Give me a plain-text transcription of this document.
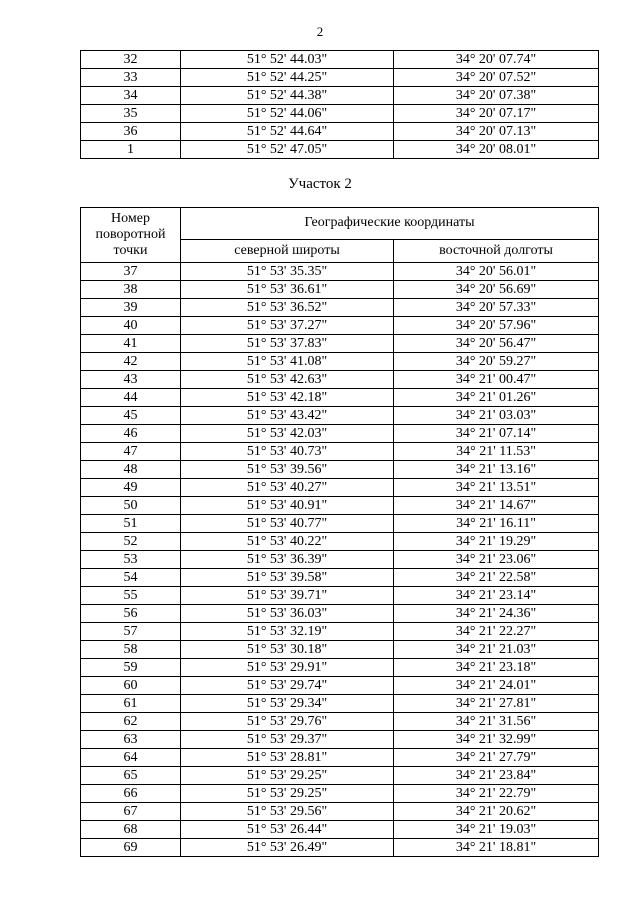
2
32	51° 52' 44.03"	34° 20' 07.74"
33	51° 52' 44.25"	34° 20' 07.52"
34	51° 52' 44.38"	34° 20' 07.38"
35	51° 52' 44.06"	34° 20' 07.17"
36	51° 52' 44.64"	34° 20' 07.13"
1	51° 52' 47.05"	34° 20' 08.01"
Участок 2
Номер поворотной точки	Географические координаты	
	северной широты	восточной долготы
37	51° 53' 35.35"	34° 20' 56.01"
38	51° 53' 36.61"	34° 20' 56.69"
39	51° 53' 36.52"	34° 20' 57.33"
40	51° 53' 37.27"	34° 20' 57.96"
41	51° 53' 37.83"	34° 20' 56.47"
42	51° 53' 41.08"	34° 20' 59.27"
43	51° 53' 42.63"	34° 21' 00.47"
44	51° 53' 42.18"	34° 21' 01.26"
45	51° 53' 43.42"	34° 21' 03.03"
46	51° 53' 42.03"	34° 21' 07.14"
47	51° 53' 40.73"	34° 21' 11.53"
48	51° 53' 39.56"	34° 21' 13.16"
49	51° 53' 40.27"	34° 21' 13.51"
50	51° 53' 40.91"	34° 21' 14.67"
51	51° 53' 40.77"	34° 21' 16.11"
52	51° 53' 40.22"	34° 21' 19.29"
53	51° 53' 36.39"	34° 21' 23.06"
54	51° 53' 39.58"	34° 21' 22.58"
55	51° 53' 39.71"	34° 21' 23.14"
56	51° 53' 36.03"	34° 21' 24.36"
57	51° 53' 32.19"	34° 21' 22.27"
58	51° 53' 30.18"	34° 21' 21.03"
59	51° 53' 29.91"	34° 21' 23.18"
60	51° 53' 29.74"	34° 21' 24.01"
61	51° 53' 29.34"	34° 21' 27.81"
62	51° 53' 29.76"	34° 21' 31.56"
63	51° 53' 29.37"	34° 21' 32.99"
64	51° 53' 28.81"	34° 21' 27.79"
65	51° 53' 29.25"	34° 21' 23.84"
66	51° 53' 29.25"	34° 21' 22.79"
67	51° 53' 29.56"	34° 21' 20.62"
68	51° 53' 26.44"	34° 21' 19.03"
69	51° 53' 26.49"	34° 21' 18.81"
